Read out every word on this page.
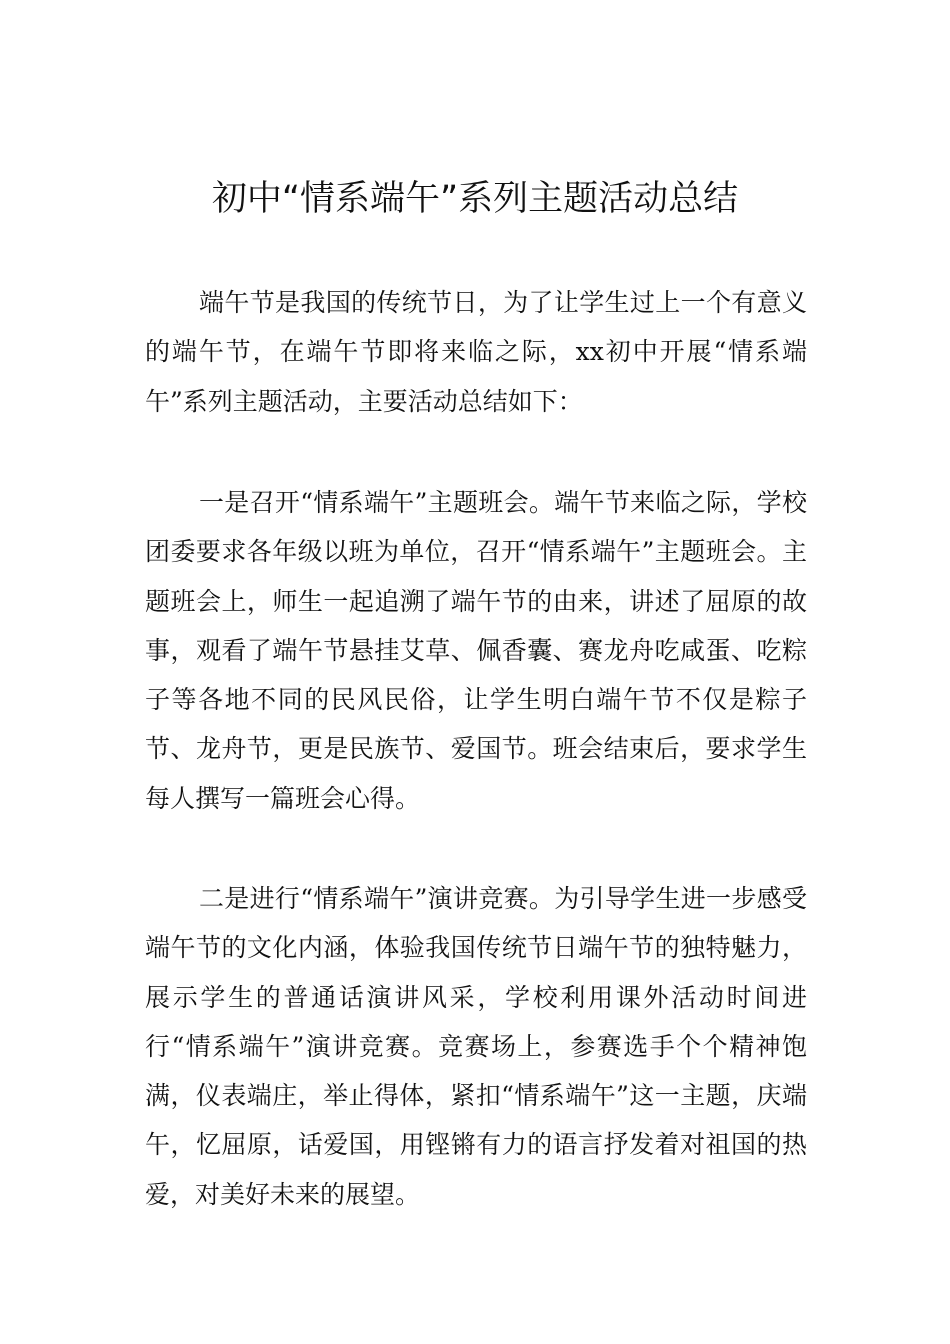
初中“情系端午”系列主题活动总结

端午节是我国的传统节日，为了让学生过上一个有意义的端午节，在端午节即将来临之际，xx初中开展“情系端午”系列主题活动，主要活动总结如下：

一是召开“情系端午”主题班会。端午节来临之际，学校团委要求各年级以班为单位，召开“情系端午”主题班会。主题班会上，师生一起追溯了端午节的由来，讲述了屈原的故事，观看了端午节悬挂艾草、佩香囊、赛龙舟吃咸蛋、吃粽子等各地不同的民风民俗，让学生明白端午节不仅是粽子节、龙舟节，更是民族节、爱国节。班会结束后，要求学生每人撰写一篇班会心得。

二是进行“情系端午”演讲竞赛。为引导学生进一步感受端午节的文化内涵，体验我国传统节日端午节的独特魅力，展示学生的普通话演讲风采，学校利用课外活动时间进行“情系端午”演讲竞赛。竞赛场上，参赛选手个个精神饱满，仪表端庄，举止得体，紧扣“情系端午”这一主题，庆端午，忆屈原，话爱国，用铿锵有力的语言抒发着对祖国的热爱，对美好未来的展望。
